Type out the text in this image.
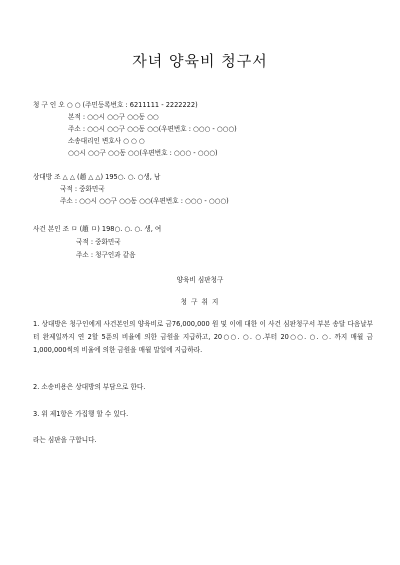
자녀 양육비 청구서
청 구 인 오 ○ ○ (주민등록번호 : 6211111 - 2222222)
본적 : ○○시 ○○구 ○○동 ○○
주소 : ○○시 ○○구 ○○동 ○○(우편번호 : ○○○ - ○○○)
소송대리인 변호사 ○ ○ ○
○○시 ○○구 ○○동 ○○(우편번호 : ○○○ - ○○○)
상대방 조 △ △ (趙 △ △) 195○. ○. ○생, 남
국적 : 중화민국
주소 : ○○시 ○○구 ○○동 ○○(우편번호 : ○○○ - ○○○)
사건 본인 조 ㅁ (趙 ㅁ) 198○. ○. ○. 생, 여
국적 : 중화민국
주소 : 청구인과 같음
양육비 심판청구
청 구 취 지
1. 상대방은 청구인에게 사건본인의 양육비로 금76,000,000 원 및 이에 대한 이 사건 심판청구서 부본 송달 다음날부터 완제일까지 연 2할 5푼의 비율에 의한 금원을 지급하고, 20○○. ○. ○.부터 20○○. ○. ○. 까지 매월 금 1,000,000씩의 비율에 의한 금원을 매월 말일에 지급하라.
2. 소송비용은 상대방의 부담으로 한다.
3. 위 제1항은 가집행 할 수 있다.
라는 심판을 구합니다.
